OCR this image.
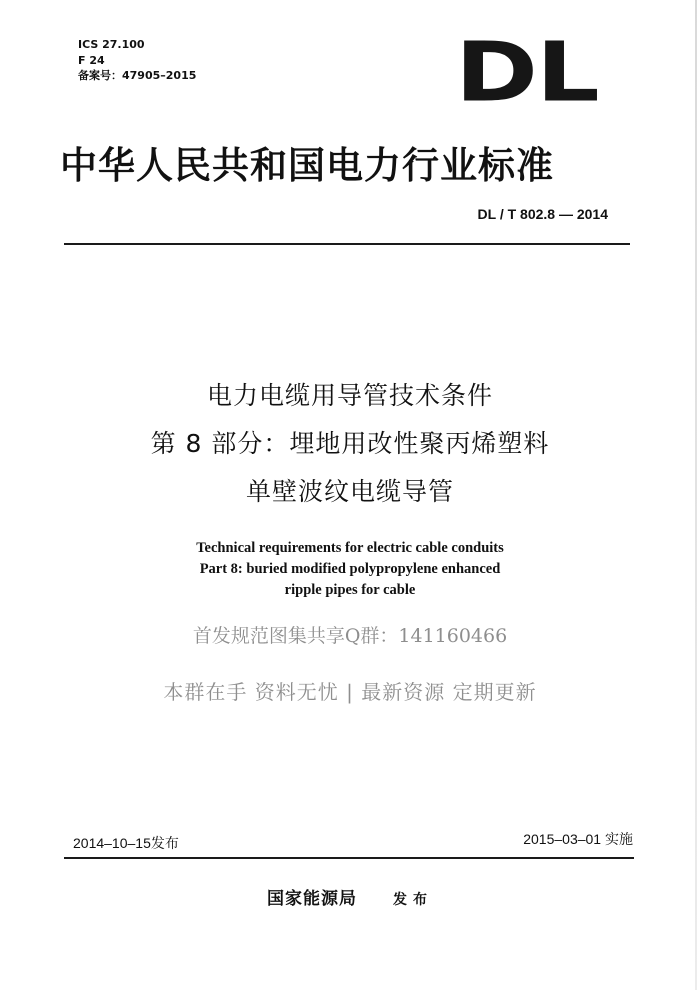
ICS 27.100
F 24
备案号：47905–2015	DL
中华人民共和国电力行业标准
DL / T 802.8 — 2014
电力电缆用导管技术条件
第 8 部分：埋地用改性聚丙烯塑料
单壁波纹电缆导管
Technical requirements for electric cable conduits
Part 8: buried modified polypropylene enhanced
ripple pipes for cable
首发规范图集共享Q群：141160466
本群在手 资料无忧 | 最新资源 定期更新
2014–10–15发布	2015–03–01 实施
国家能源局	发布
